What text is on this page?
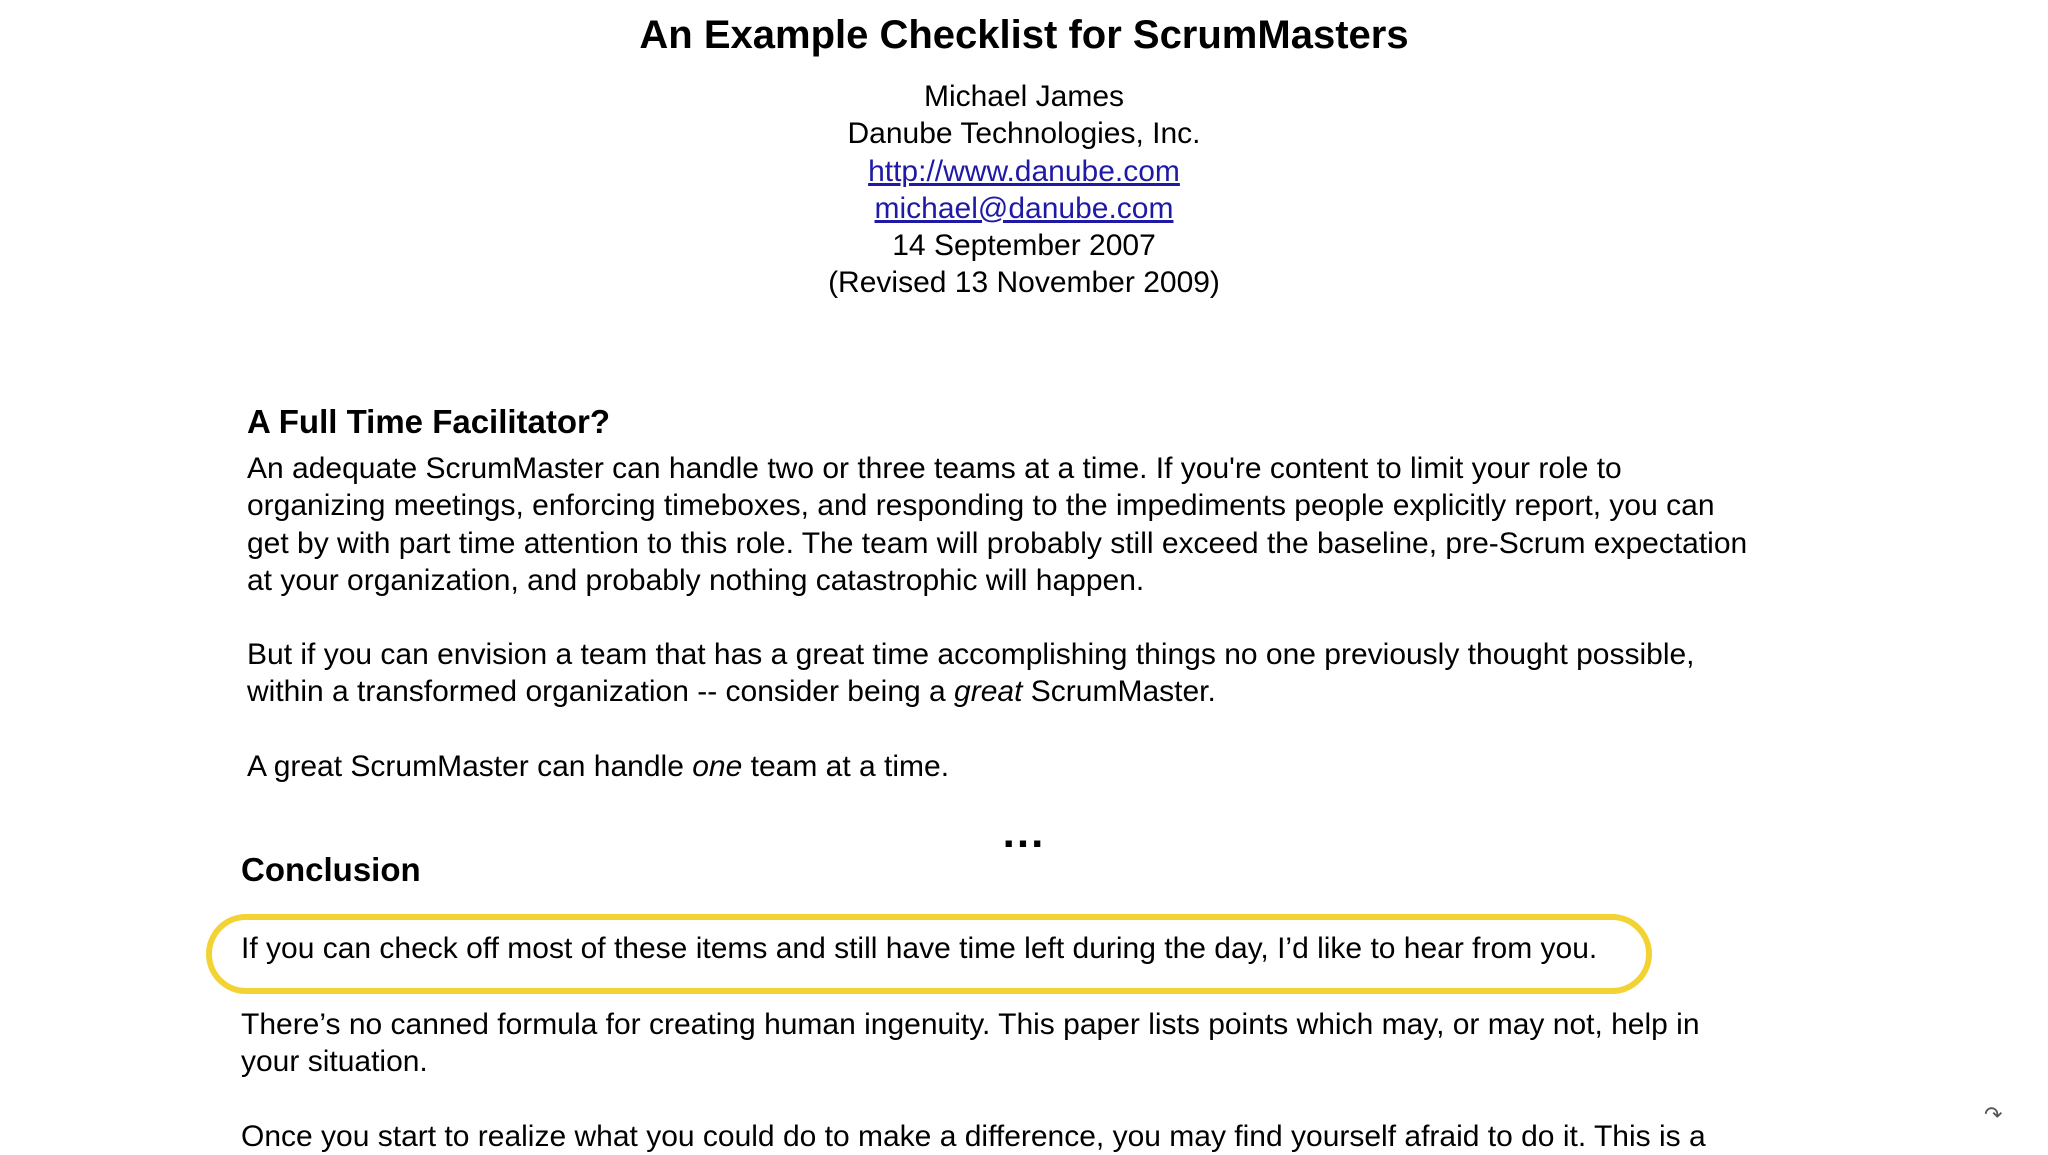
An Example Checklist for ScrumMasters
Michael James
Danube Technologies, Inc.
http://www.danube.com
michael@danube.com
14 September 2007
(Revised 13 November 2009)
A Full Time Facilitator?
An adequate ScrumMaster can handle two or three teams at a time. If you're content to limit your role to
organizing meetings, enforcing timeboxes, and responding to the impediments people explicitly report, you can
get by with part time attention to this role. The team will probably still exceed the baseline, pre-Scrum expectation
at your organization, and probably nothing catastrophic will happen.
But if you can envision a team that has a great time accomplishing things no one previously thought possible,
within a transformed organization -- consider being a great ScrumMaster.
A great ScrumMaster can handle one team at a time.
...
Conclusion
If you can check off most of these items and still have time left during the day, I’d like to hear from you.
There’s no canned formula for creating human ingenuity. This paper lists points which may, or may not, help in
your situation.
Once you start to realize what you could do to make a difference, you may find yourself afraid to do it. This is a
↷
